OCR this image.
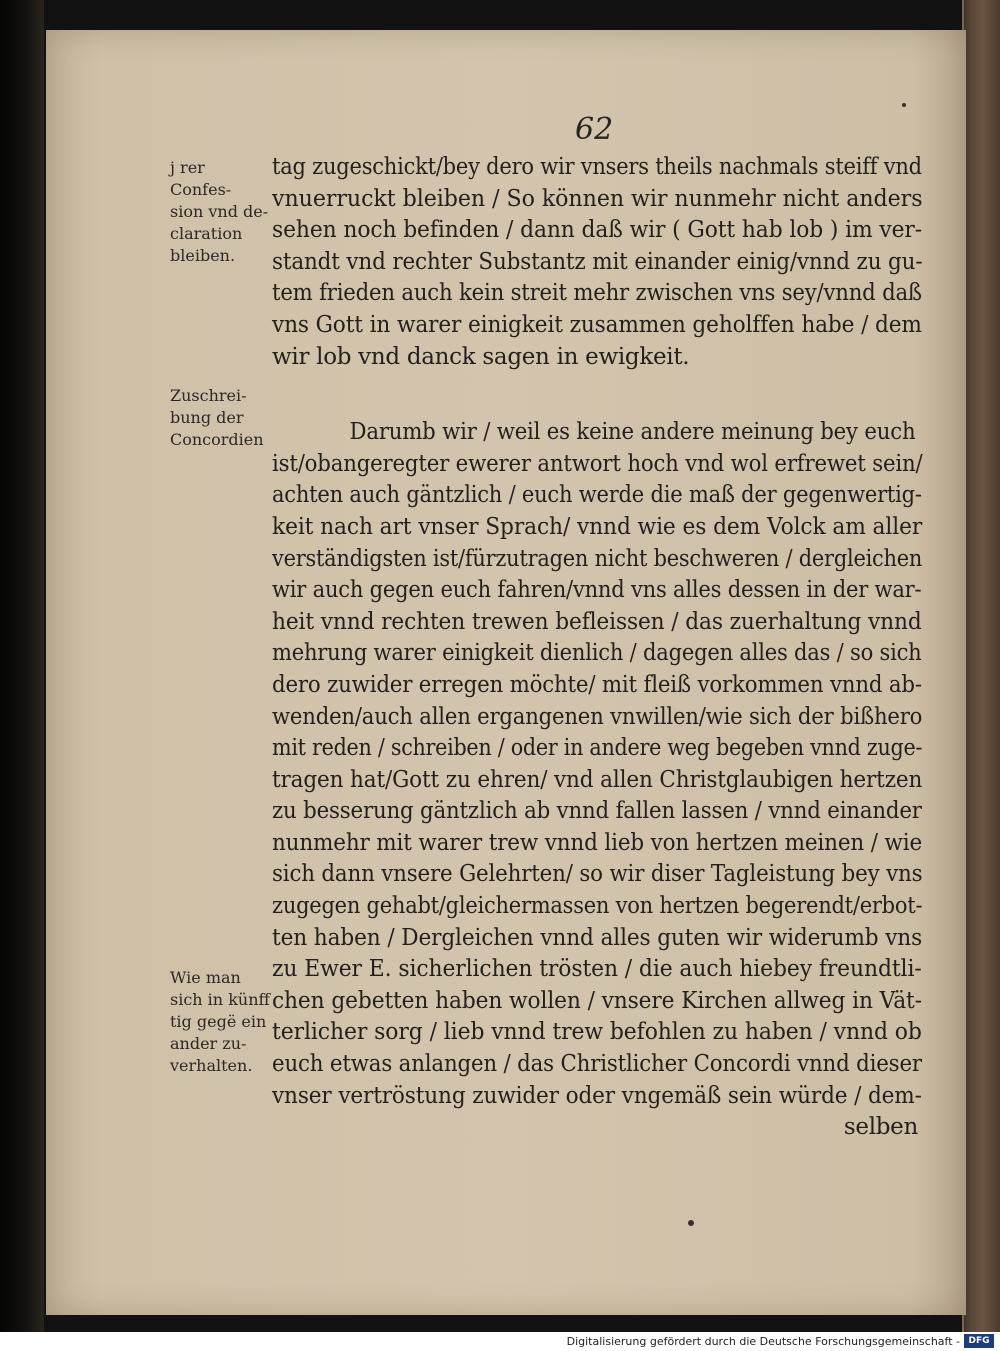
62
j rer Confes-
sion vnd de-
claration
bleiben.
Zuschrei-
bung der
Concordien
Wie man
sich in künff
tig gegë ein
ander zu-
verhalten.
tag zugeschickt/bey dero wir vnsers theils nachmals steiff vnd
vnuerruckt bleiben / So können wir nunmehr nicht anders
sehen noch befinden / dann daß wir ( Gott hab lob ) im ver-
standt vnd rechter Substantz mit einander einig/vnnd zu gu-
tem frieden auch kein streit mehr zwischen vns sey/vnnd daß
vns Gott in warer einigkeit zusammen geholffen habe / dem
wir lob vnd danck sagen in ewigkeit.
Darumb wir / weil es keine andere meinung bey euch
ist/obangeregter ewerer antwort hoch vnd wol erfrewet sein/
achten auch gäntzlich / euch werde die maß der gegenwertig-
keit nach art vnser Sprach/ vnnd wie es dem Volck am aller
verständigsten ist/fürzutragen nicht beschweren / dergleichen
wir auch gegen euch fahren/vnnd vns alles dessen in der war-
heit vnnd rechten trewen befleissen / das zuerhaltung vnnd
mehrung warer einigkeit dienlich / dagegen alles das / so sich
dero zuwider erregen möchte/ mit fleiß vorkommen vnnd ab-
wenden/auch allen ergangenen vnwillen/wie sich der bißhero
mit reden / schreiben / oder in andere weg begeben vnnd zuge-
tragen hat/Gott zu ehren/ vnd allen Christglaubigen hertzen
zu besserung gäntzlich ab vnnd fallen lassen / vnnd einander
nunmehr mit warer trew vnnd lieb von hertzen meinen / wie
sich dann vnsere Gelehrten/ so wir diser Tagleistung bey vns
zugegen gehabt/gleichermassen von hertzen begerendt/erbot-
ten haben / Dergleichen vnnd alles guten wir widerumb vns
zu Ewer E. sicherlichen trösten / die auch hiebey freundtli-
chen gebetten haben wollen / vnsere Kirchen allweg in Vät-
terlicher sorg / lieb vnnd trew befohlen zu haben / vnnd ob
euch etwas anlangen / das Christlicher Concordi vnnd dieser
vnser vertröstung zuwider oder vngemäß sein würde / dem-
selben
Digitalisierung gefördert durch die Deutsche Forschungsgemeinschaft - DFG
